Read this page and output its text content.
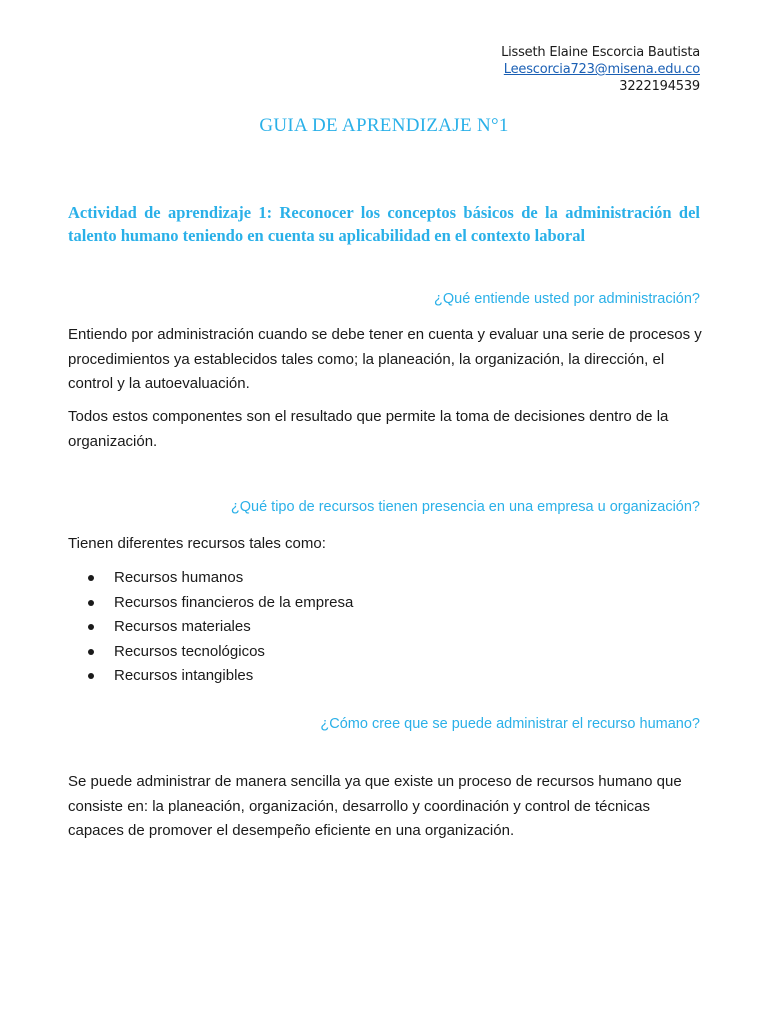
Lisseth Elaine Escorcia Bautista
Leescorcia723@misena.edu.co
3222194539
GUIA DE APRENDIZAJE N°1
Actividad de aprendizaje 1: Reconocer los conceptos básicos de la administración del talento humano teniendo en cuenta su aplicabilidad en el contexto laboral
¿Qué entiende usted por administración?
Entiendo por administración cuando se debe tener en cuenta y evaluar una serie de procesos y procedimientos ya establecidos tales como; la planeación, la organización, la dirección, el control y la autoevaluación.
Todos estos componentes son el resultado que permite la toma de decisiones dentro de la organización.
¿Qué tipo de recursos tienen presencia en una empresa u organización?
Tienen diferentes recursos tales como:
Recursos humanos
Recursos financieros de la empresa
Recursos materiales
Recursos tecnológicos
Recursos intangibles
¿Cómo cree que se puede administrar el recurso humano?
Se puede administrar de manera sencilla ya que existe un proceso de recursos humano que consiste en: la planeación, organización, desarrollo y coordinación y control de técnicas capaces de promover el desempeño eficiente en una organización.
